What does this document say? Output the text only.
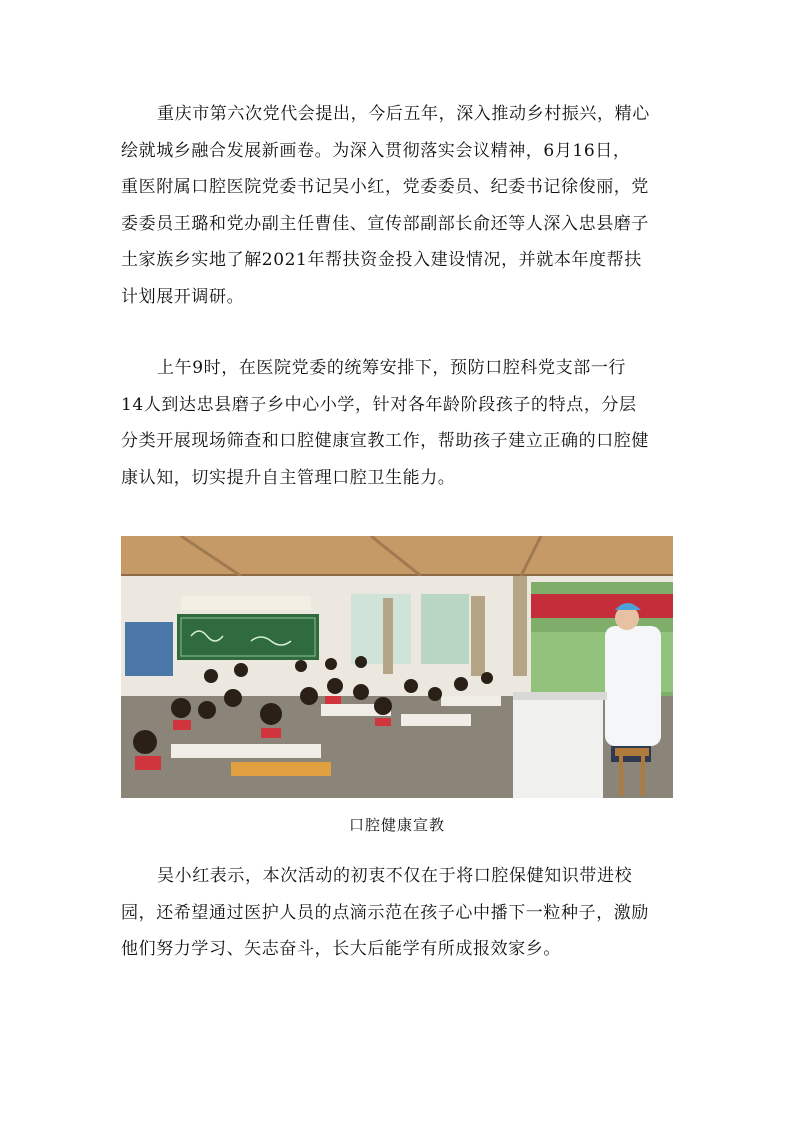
重庆市第六次党代会提出，今后五年，深入推动乡村振兴，精心
绘就城乡融合发展新画卷。为深入贯彻落实会议精神，6月16日，
重医附属口腔医院党委书记吴小红，党委委员、纪委书记徐俊丽，党
委委员王璐和党办副主任曹佳、宣传部副部长俞还等人深入忠县磨子
土家族乡实地了解2021年帮扶资金投入建设情况，并就本年度帮扶
计划展开调研。
上午9时，在医院党委的统筹安排下，预防口腔科党支部一行
14人到达忠县磨子乡中心小学，针对各年龄阶段孩子的特点，分层
分类开展现场筛查和口腔健康宣教工作，帮助孩子建立正确的口腔健
康认知，切实提升自主管理口腔卫生能力。

口腔健康宣教

吴小红表示，本次活动的初衷不仅在于将口腔保健知识带进校
园，还希望通过医护人员的点滴示范在孩子心中播下一粒种子，激励
他们努力学习、矢志奋斗，长大后能学有所成报效家乡。
